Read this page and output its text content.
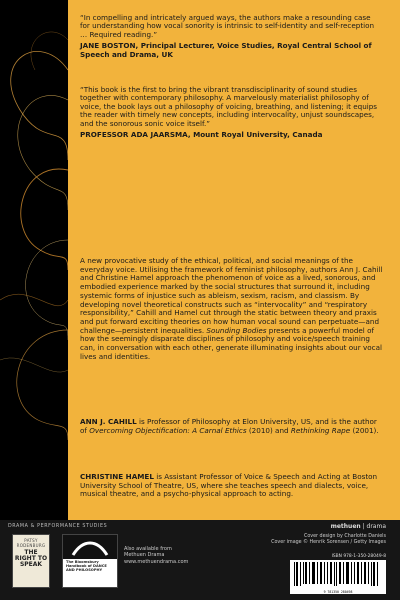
“In compelling and intricately argued ways, the authors make a resounding case for understanding how vocal sonority is intrinsic to self-identity and self-reception … Required reading.”
JANE BOSTON, Principal Lecturer, Voice Studies, Royal Central School of Speech and Drama, UK
“This book is the first to bring the vibrant transdisciplinarity of sound studies together with contemporary philosophy. A marvelously materialist philosophy of voice, the book lays out a philosophy of voicing, breathing, and listening; it equips the reader with timely new concepts, including intervocality, unjust soundscapes, and the sonorous sonic voice itself.”
PROFESSOR ADA JAARSMA, Mount Royal University, Canada
A new provocative study of the ethical, political, and social meanings of the everyday voice. Utilising the framework of feminist philosophy, authors Ann J. Cahill and Christine Hamel approach the phenomenon of voice as a lived, sonorous, and embodied experience marked by the social structures that surround it, including systemic forms of injustice such as ableism, sexism, racism, and classism. By developing novel theoretical constructs such as “intervocality” and “respiratory responsibility,” Cahill and Hamel cut through the static between theory and praxis and put forward exciting theories on how human vocal sound can perpetuate—and challenge—persistent inequalities. Sounding Bodies presents a powerful model of how the seemingly disparate disciplines of philosophy and voice/speech training can, in conversation with each other, generate illuminating insights about our vocal lives and identities.
ANN J. CAHILL is Professor of Philosophy at Elon University, US, and is the author of Overcoming Objectification: A Carnal Ethics (2010) and Rethinking Rape (2001).
CHRISTINE HAMEL is Assistant Professor of Voice & Speech and Acting at Boston University School of Theatre, US, where she teaches speech and dialects, voice, musical theatre, and a psycho-physical approach to acting.
DRAMA & PERFORMANCE STUDIES	methuen | drama
PATSY RODENBURG
THE RIGHT TO SPEAK	The Bloomsbury Handbook of DANCE AND PHILOSOPHY
Also available from
Methuen Drama
www.methuendrama.com
Cover design by Charlotte Daniels
Cover image © Henrik Sorensen / Getty Images
ISBN 978-1-350-28049-8
9 781350 280498
